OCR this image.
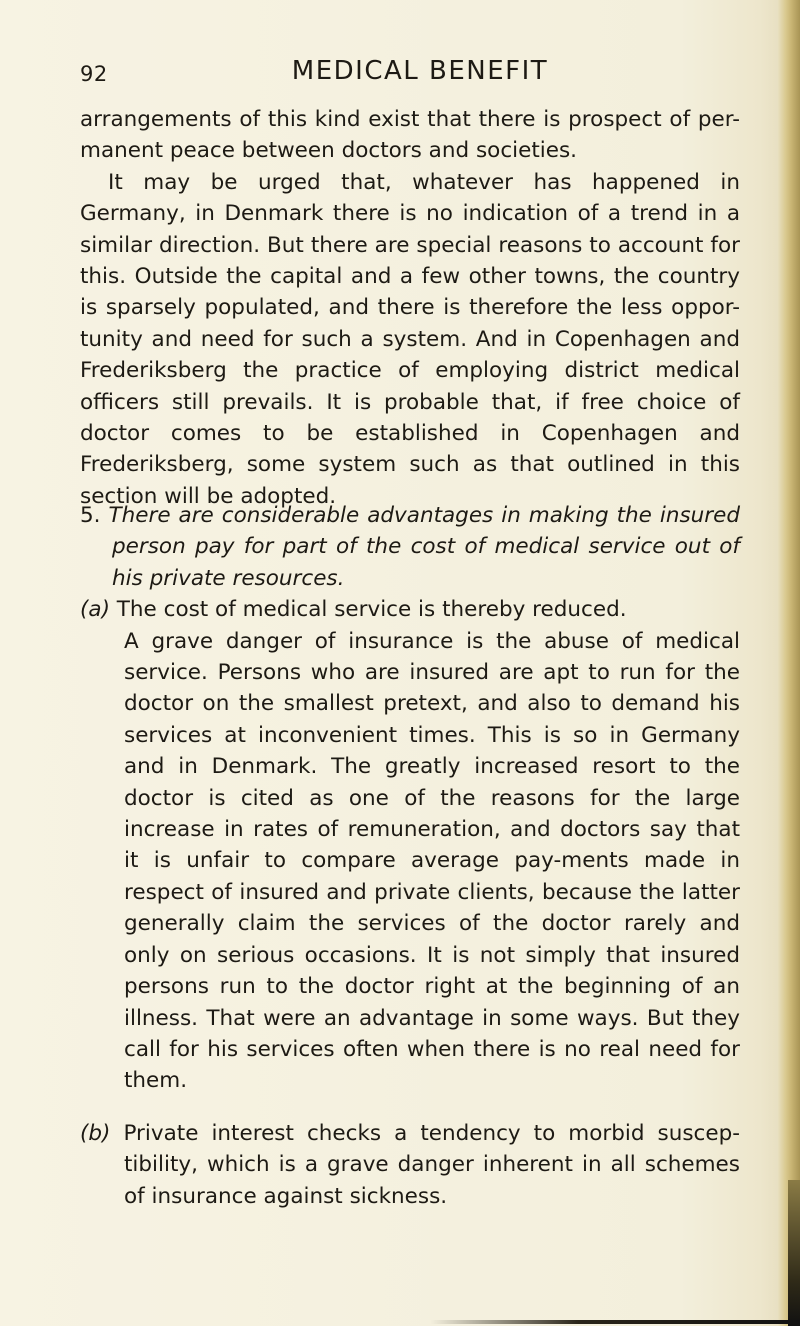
92	MEDICAL BENEFIT

arrangements of this kind exist that there is prospect of per-manent peace between doctors and societies.

It may be urged that, whatever has happened in Germany, in Denmark there is no indication of a trend in a similar direction. But there are special reasons to account for this. Outside the capital and a few other towns, the country is sparsely populated, and there is therefore the less oppor-tunity and need for such a system. And in Copenhagen and Frederiksberg the practice of employing district medical officers still prevails. It is probable that, if free choice of doctor comes to be established in Copenhagen and Frederiksberg, some system such as that outlined in this section will be adopted.

5. There are considerable advantages in making the insured person pay for part of the cost of medical service out of his private resources.

(a) The cost of medical service is thereby reduced.

A grave danger of insurance is the abuse of medical service. Persons who are insured are apt to run for the doctor on the smallest pretext, and also to demand his services at inconvenient times. This is so in Germany and in Denmark. The greatly increased resort to the doctor is cited as one of the reasons for the large increase in rates of remuneration, and doctors say that it is unfair to compare average pay-ments made in respect of insured and private clients, because the latter generally claim the services of the doctor rarely and only on serious occasions. It is not simply that insured persons run to the doctor right at the beginning of an illness. That were an advantage in some ways. But they call for his services often when there is no real need for them.

(b) Private interest checks a tendency to morbid suscep-tibility, which is a grave danger inherent in all schemes of insurance against sickness.
